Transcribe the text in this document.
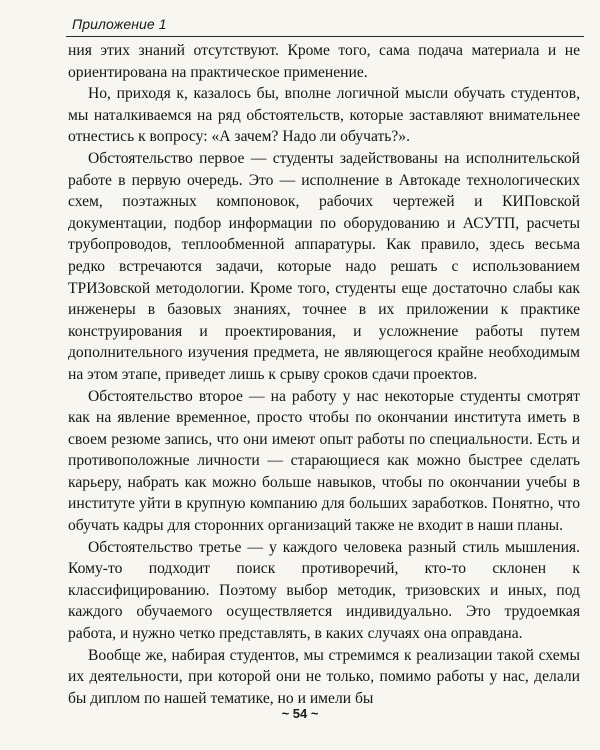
Приложение 1

ния этих знаний отсутствуют. Кроме того, сама подача материала и не ориентирована на практическое применение.

Но, приходя к, казалось бы, вполне логичной мысли обучать студентов, мы наталкиваемся на ряд обстоятельств, которые заставляют внимательнее отнестись к вопросу: «А зачем? Надо ли обучать?».

Обстоятельство первое — студенты задействованы на исполнительской работе в первую очередь. Это — исполнение в Автокаде технологических схем, поэтажных компоновок, рабочих чертежей и КИПовской документации, подбор информации по оборудованию и АСУТП, расчеты трубопроводов, теплообменной аппаратуры. Как правило, здесь весьма редко встречаются задачи, которые надо решать с использованием ТРИЗовской методологии. Кроме того, студенты еще достаточно слабы как инженеры в базовых знаниях, точнее в их приложении к практике конструирования и проектирования, и усложнение работы путем дополнительного изучения предмета, не являющегося крайне необходимым на этом этапе, приведет лишь к срыву сроков сдачи проектов.

Обстоятельство второе — на работу у нас некоторые студенты смотрят как на явление временное, просто чтобы по окончании института иметь в своем резюме запись, что они имеют опыт работы по специальности. Есть и противоположные личности — старающиеся как можно быстрее сделать карьеру, набрать как можно больше навыков, чтобы по окончании учебы в институте уйти в крупную компанию для больших заработков. Понятно, что обучать кадры для сторонних организаций также не входит в наши планы.

Обстоятельство третье — у каждого человека разный стиль мышления. Кому-то подходит поиск противоречий, кто-то склонен к классифицированию. Поэтому выбор методик, тризовских и иных, под каждого обучаемого осуществляется индивидуально. Это трудоемкая работа, и нужно четко представлять, в каких случаях она оправдана.

Вообще же, набирая студентов, мы стремимся к реализации такой схемы их деятельности, при которой они не только, помимо работы у нас, делали бы диплом по нашей тематике, но и имели бы

~ 54 ~
